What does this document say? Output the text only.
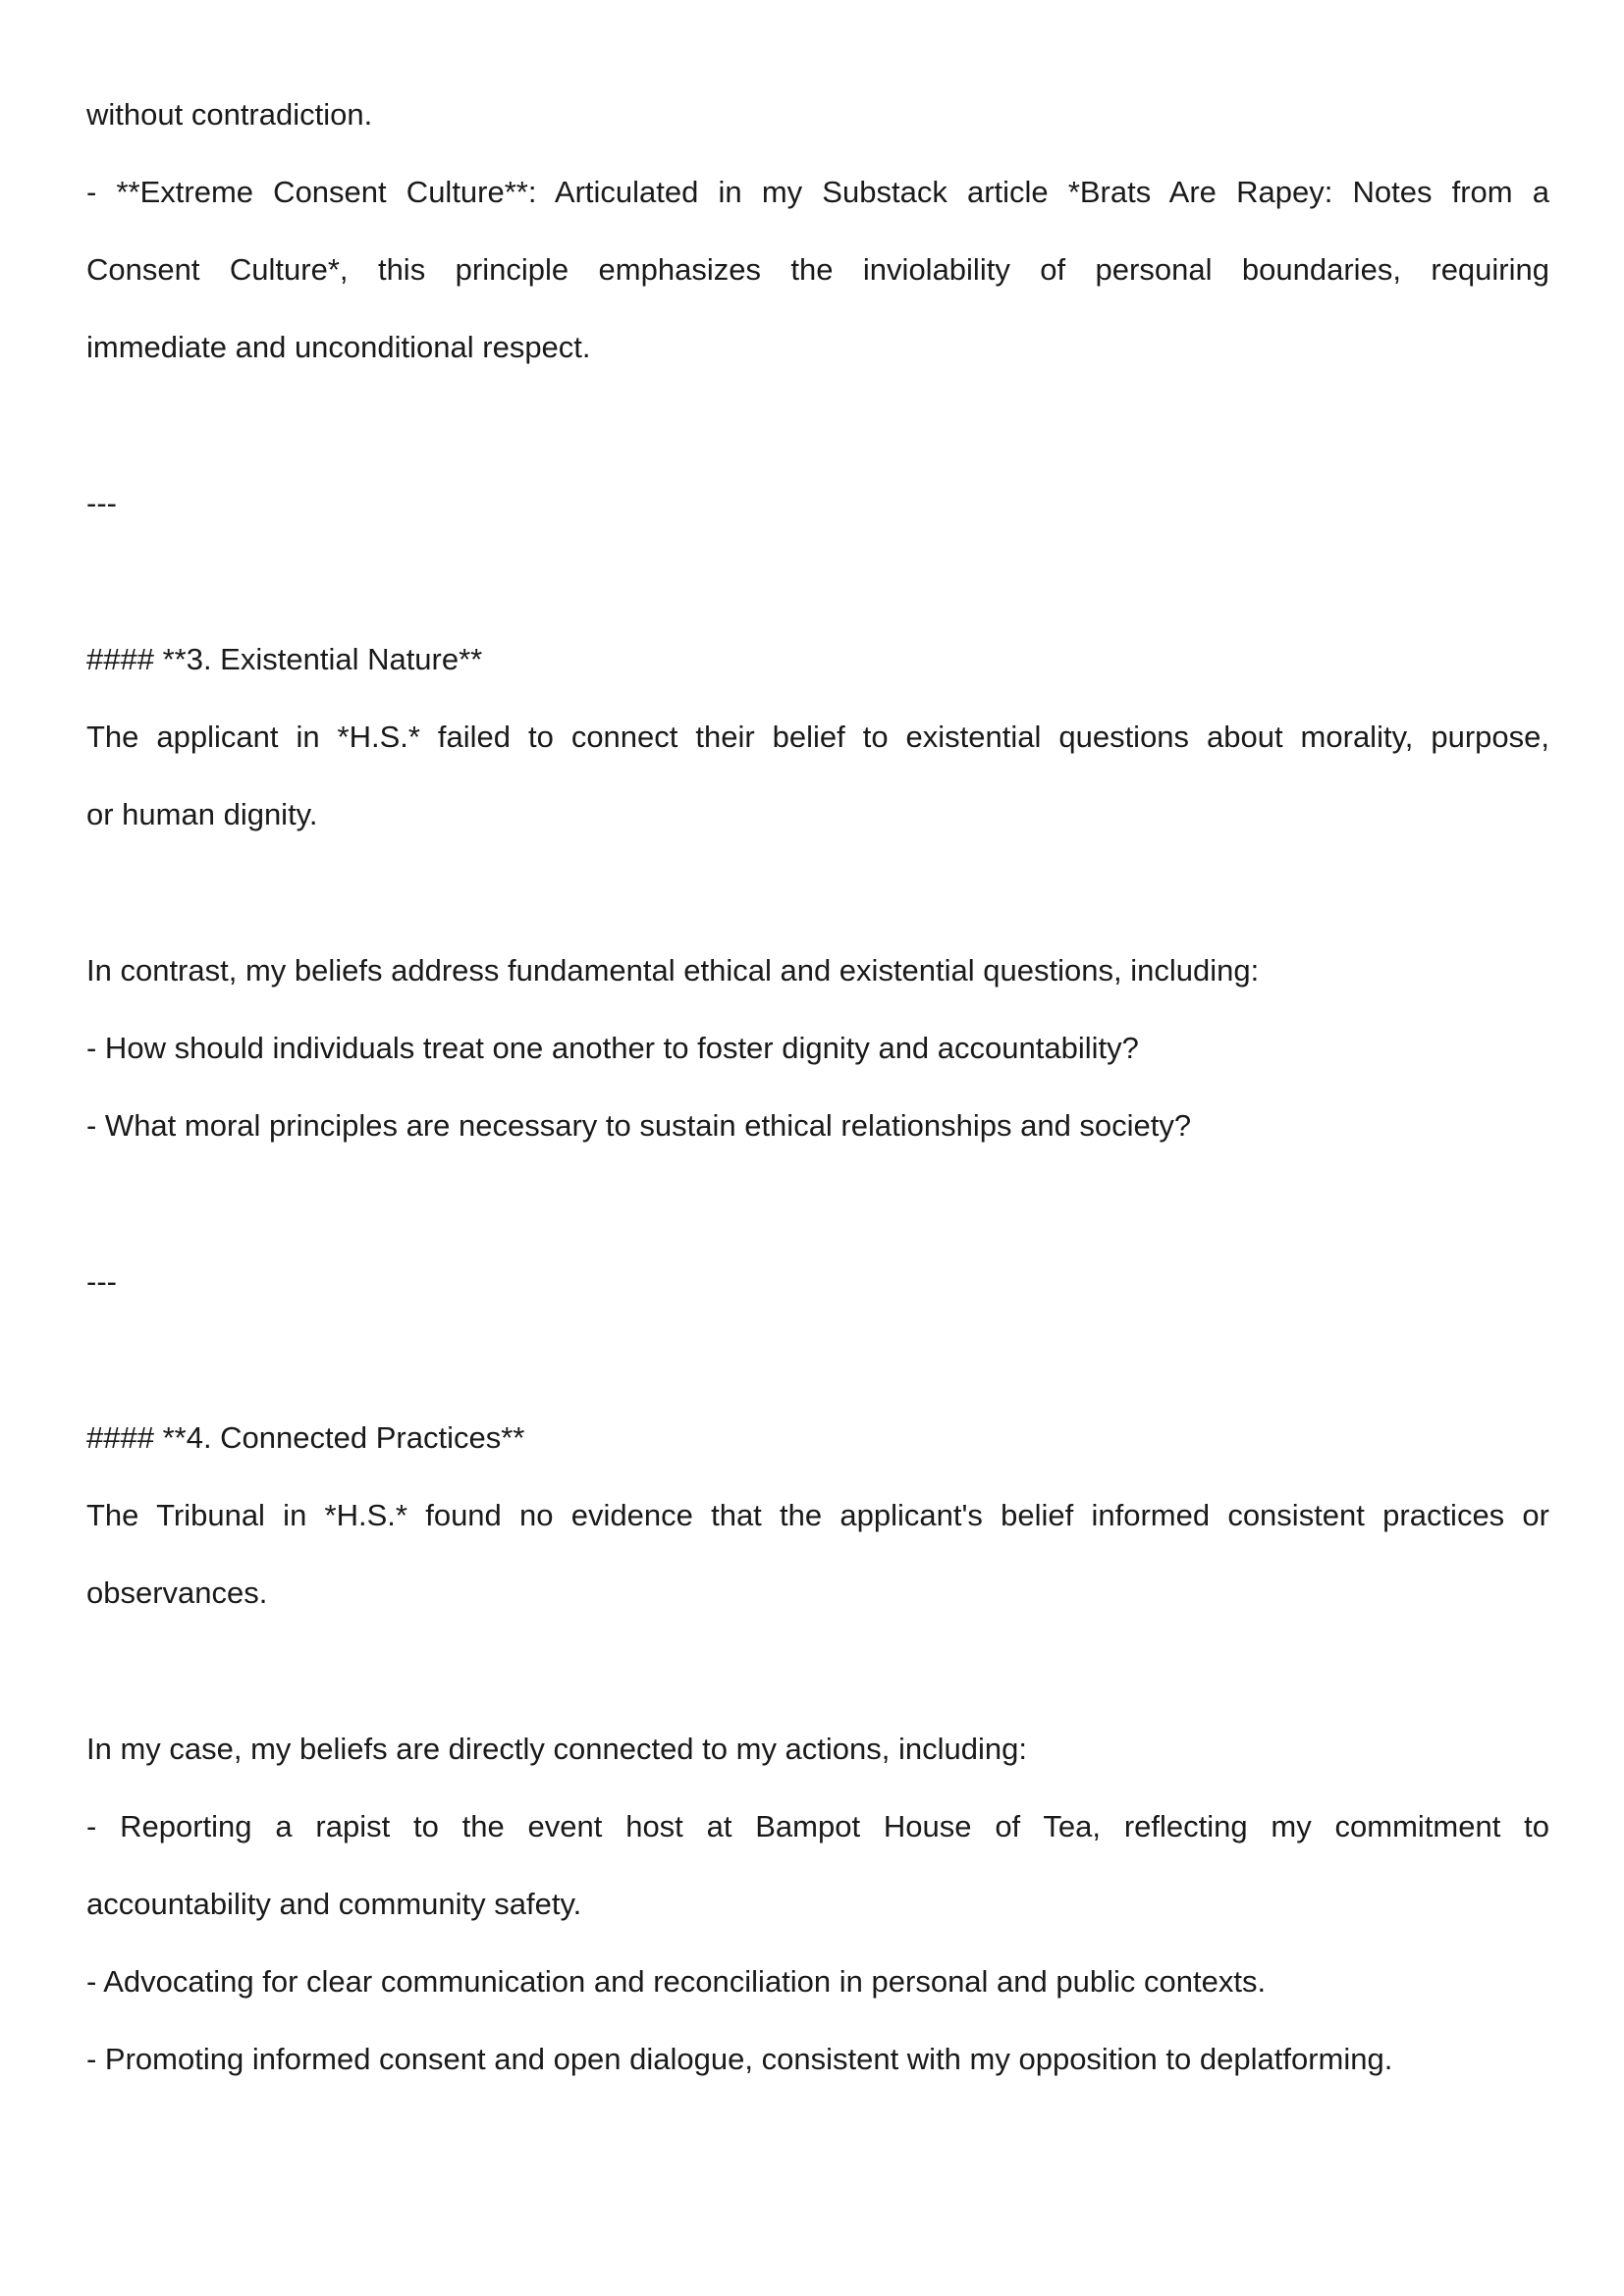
without contradiction.
- **Extreme Consent Culture**: Articulated in my Substack article *Brats Are Rapey: Notes from a
Consent Culture*, this principle emphasizes the inviolability of personal boundaries, requiring
immediate and unconditional respect.
---
#### **3. Existential Nature**
The applicant in *H.S.* failed to connect their belief to existential questions about morality, purpose,
or human dignity.
In contrast, my beliefs address fundamental ethical and existential questions, including:
- How should individuals treat one another to foster dignity and accountability?
- What moral principles are necessary to sustain ethical relationships and society?
---
#### **4. Connected Practices**
The Tribunal in *H.S.* found no evidence that the applicant's belief informed consistent practices or
observances.
In my case, my beliefs are directly connected to my actions, including:
- Reporting a rapist to the event host at Bampot House of Tea, reflecting my commitment to
accountability and community safety.
- Advocating for clear communication and reconciliation in personal and public contexts.
- Promoting informed consent and open dialogue, consistent with my opposition to deplatforming.
